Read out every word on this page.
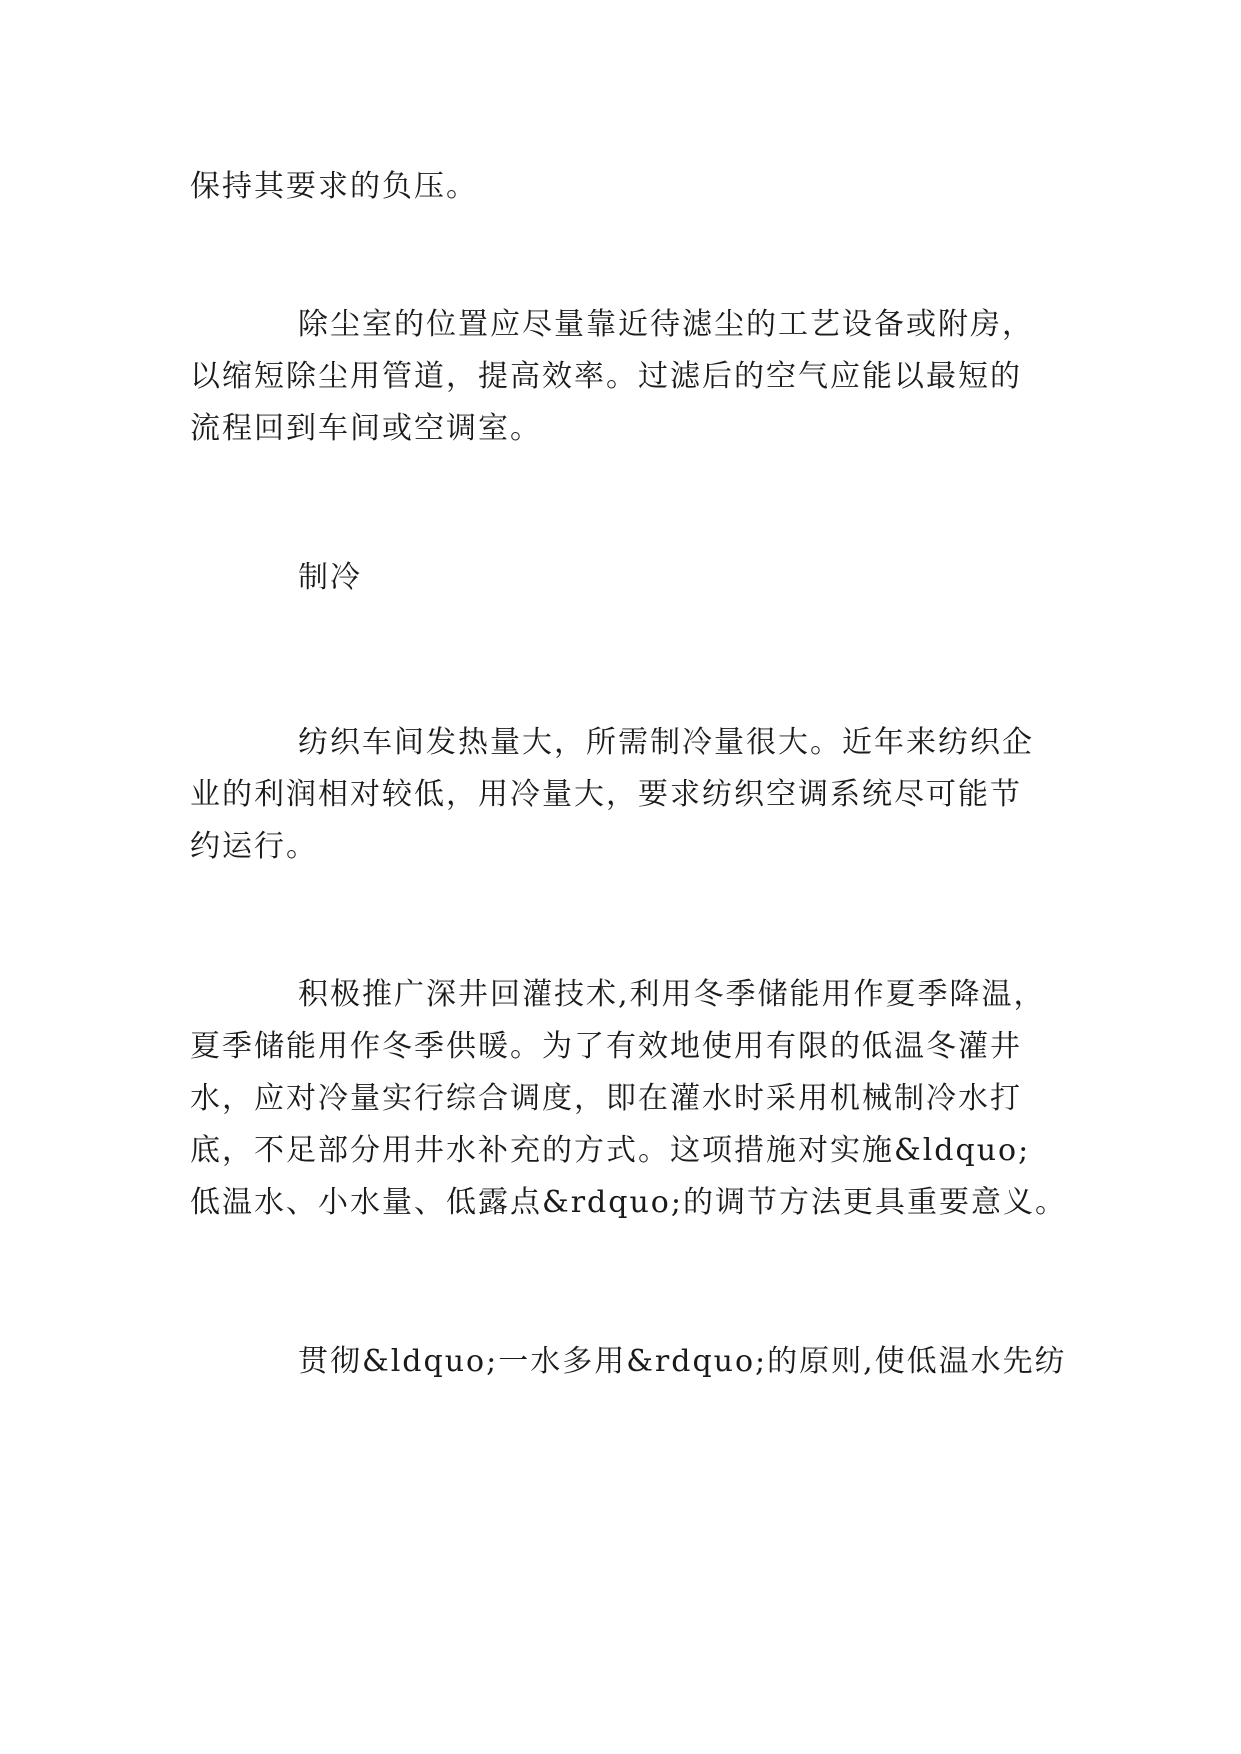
保持其要求的负压。
除尘室的位置应尽量靠近待滤尘的工艺设备或附房，
以缩短除尘用管道，提高效率。过滤后的空气应能以最短的
流程回到车间或空调室。
制冷
纺织车间发热量大，所需制冷量很大。近年来纺织企
业的利润相对较低，用冷量大，要求纺织空调系统尽可能节
约运行。
积极推广深井回灌技术,利用冬季储能用作夏季降温，
夏季储能用作冬季供暖。为了有效地使用有限的低温冬灌井
水，应对冷量实行综合调度，即在灌水时采用机械制冷水打
底，不足部分用井水补充的方式。这项措施对实施&ldquo;
低温水、小水量、低露点&rdquo;的调节方法更具重要意义。
贯彻&ldquo;一水多用&rdquo;的原则,使低温水先纺
